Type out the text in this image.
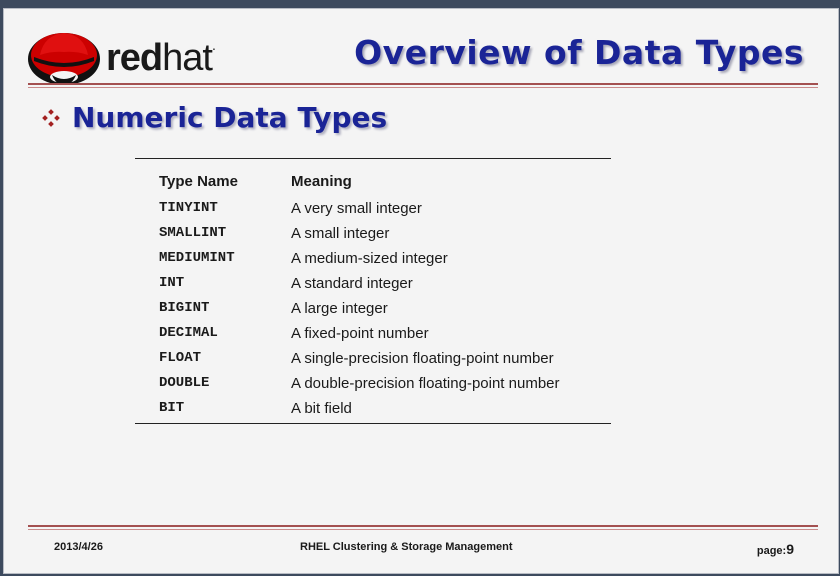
redhat.	Overview of Data Types
Numeric Data Types
Type Name	Meaning
TINYINT	A very small integer
SMALLINT	A small integer
MEDIUMINT	A medium-sized integer
INT	A standard integer
BIGINT	A large integer
DECIMAL	A fixed-point number
FLOAT	A single-precision floating-point number
DOUBLE	A double-precision floating-point number
BIT	A bit field
2013/4/26	RHEL Clustering & Storage Management	page:9
